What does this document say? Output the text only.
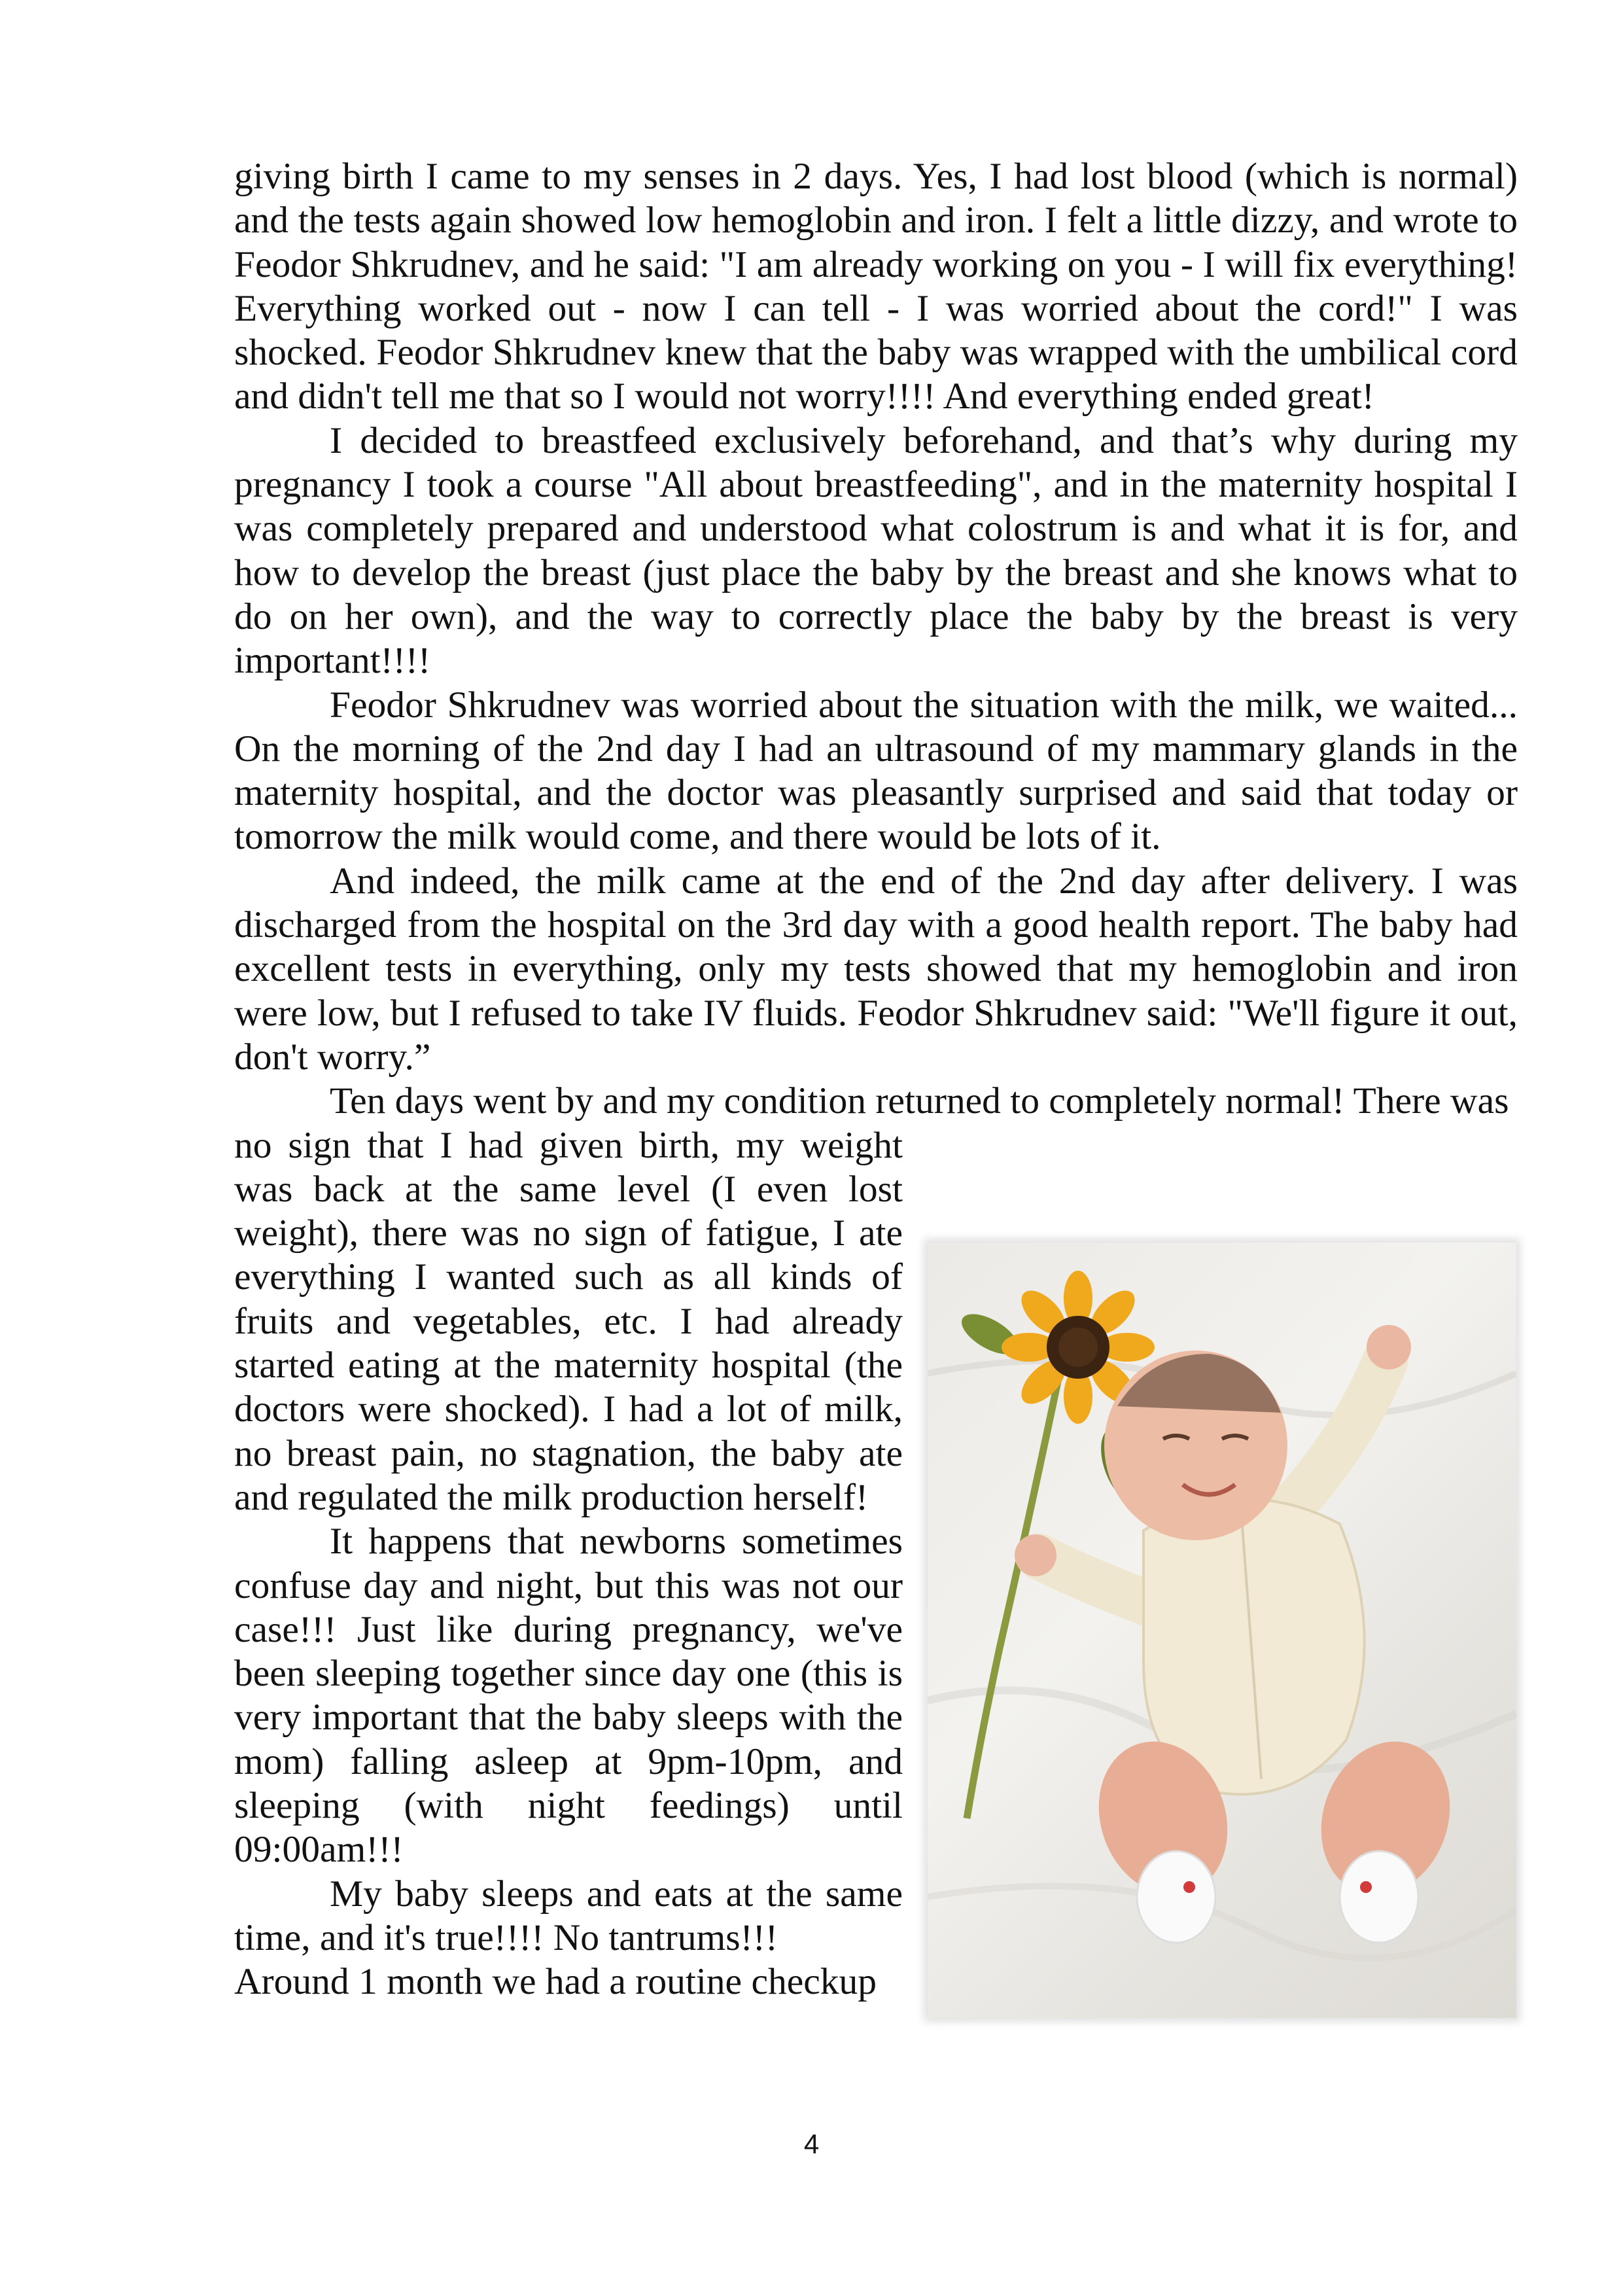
giving birth I came to my senses in 2 days. Yes, I had lost blood (which is normal) and the tests again showed low hemoglobin and iron. I felt a little dizzy, and wrote to Feodor Shkrudnev, and he said: "I am already working on you - I will fix everything! Everything worked out - now I can tell - I was worried about the cord!" I was shocked. Feodor Shkrudnev knew that the baby was wrapped with the umbilical cord and didn't tell me that so I would not worry!!!! And everything ended great!

I decided to breastfeed exclusively beforehand, and that’s why during my pregnancy I took a course "All about breastfeeding", and in the maternity hospital I was completely prepared and understood what colostrum is and what it is for, and how to develop the breast (just place the baby by the breast and she knows what to do on her own), and the way to correctly place the baby by the breast is very important!!!!

Feodor Shkrudnev was worried about the situation with the milk, we waited... On the morning of the 2nd day I had an ultrasound of my mammary glands in the maternity hospital, and the doctor was pleasantly surprised and said that today or tomorrow the milk would come, and there would be lots of it.

And indeed, the milk came at the end of the 2nd day after delivery. I was discharged from the hospital on the 3rd day with a good health report. The baby had excellent tests in everything, only my tests showed that my hemoglobin and iron were low, but I refused to take IV fluids. Feodor Shkrudnev said: "We'll figure it out, don't worry.”

Ten days went by and my condition returned to completely normal! There was

no sign that I had given birth, my weight was back at the same level (I even lost weight), there was no sign of fatigue, I ate everything I wanted such as all kinds of fruits and vegetables, etc. I had already started eating at the maternity hospital (the doctors were shocked). I had a lot of milk, no breast pain, no stagnation, the baby ate and regulated the milk production herself!

It happens that newborns sometimes confuse day and night, but this was not our case!!! Just like during pregnancy, we've been sleeping together since day one (this is very important that the baby sleeps with the mom) falling asleep at 9pm-10pm, and sleeping (with night feedings) until 09:00am!!!

My baby sleeps and eats at the same time, and it's true!!!! No tantrums!!!

Around 1 month we had a routine checkup

4
